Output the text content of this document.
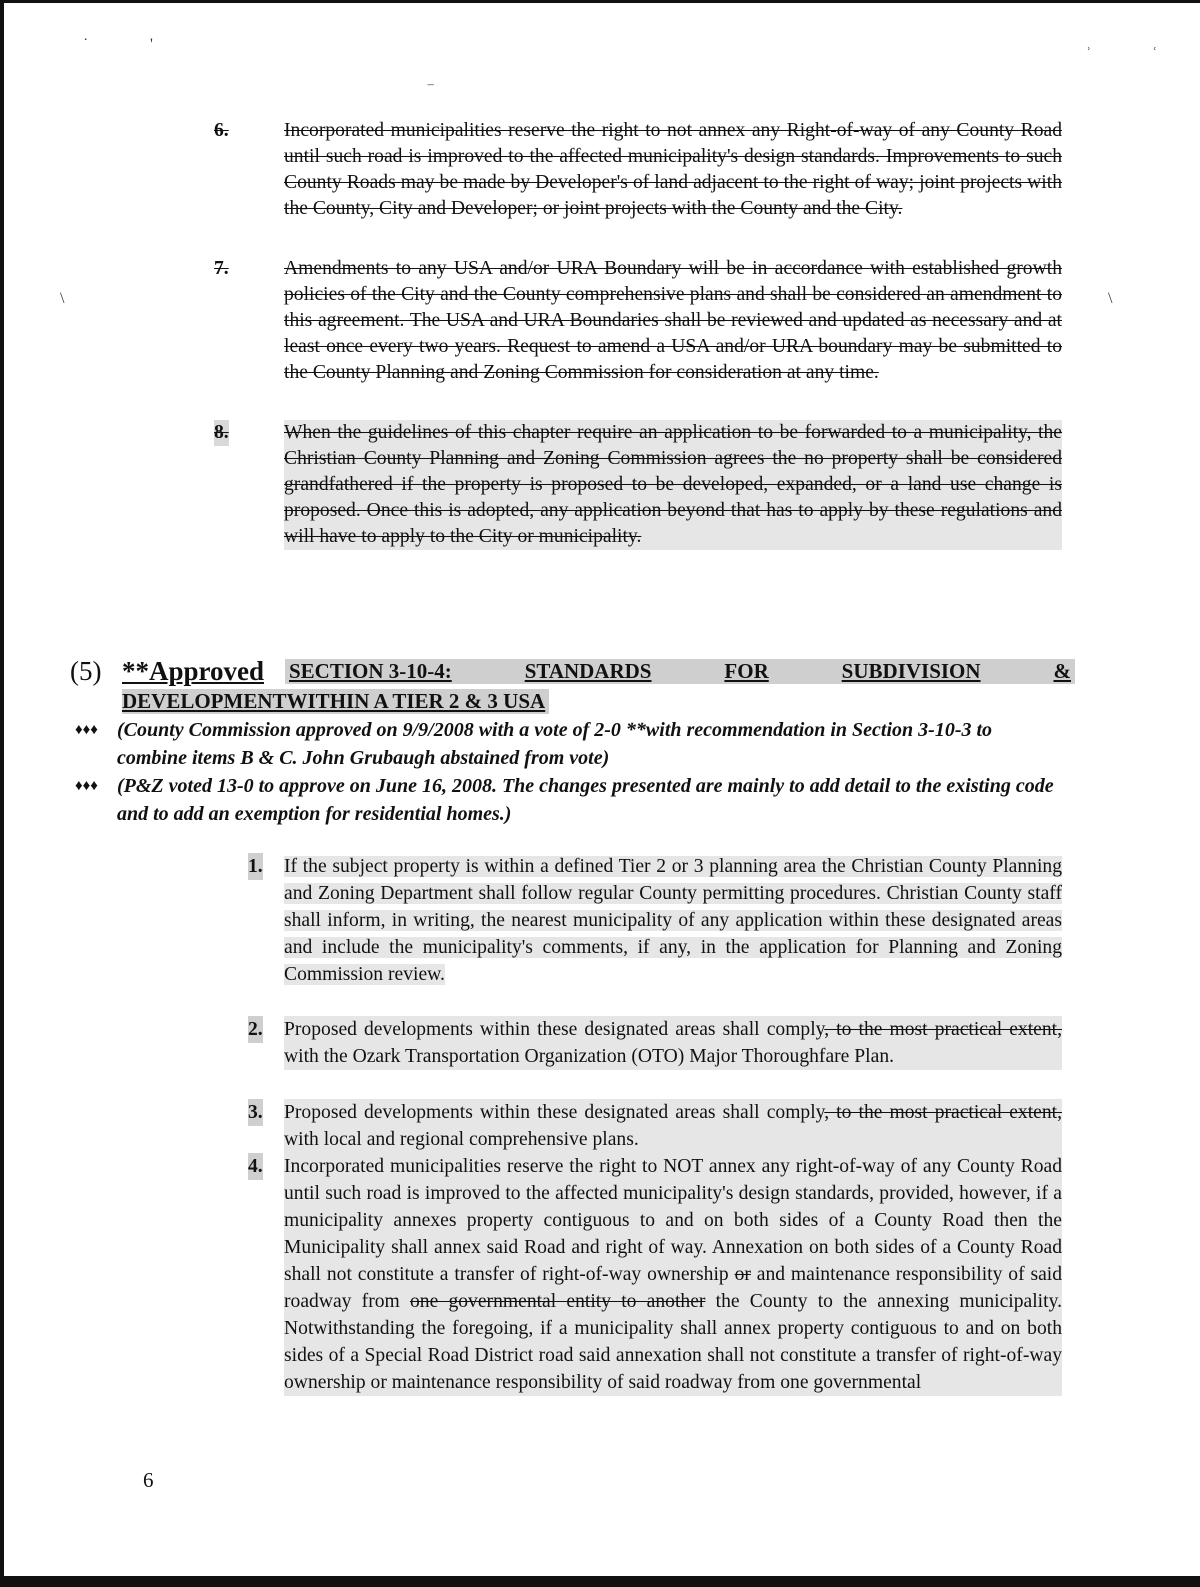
˙	'	˒	˓
‾
\	\
6.	Incorporated municipalities reserve the right to not annex any Right-of-way of any County Road until such road is improved to the affected municipality's design standards. Improvements to such County Roads may be made by Developer's of land adjacent to the right of way; joint projects with the County, City and Developer; or joint projects with the County and the City.
7.	Amendments to any USA and/or URA Boundary will be in accordance with established growth policies of the City and the County comprehensive plans and shall be considered an amendment to this agreement. The USA and URA Boundaries shall be reviewed and updated as necessary and at least once every two years. Request to amend a USA and/or URA boundary may be submitted to the County Planning and Zoning Commission for consideration at any time.
8.	When the guidelines of this chapter require an application to be forwarded to a municipality, the Christian County Planning and Zoning Commission agrees the no property shall be considered grandfathered if the property is proposed to be developed, expanded, or a land use change is proposed. Once this is adopted, any application beyond that has to apply by these regulations and will have to apply to the City or municipality.
(5) **Approved SECTION 3-10-4:	STANDARDS	FOR	SUBDIVISION	&
DEVELOPMENTWITHIN A TIER 2 & 3 USA
♦♦♦ (County Commission approved on 9/9/2008 with a vote of 2-0 **with recommendation in Section 3-10-3 to combine items B & C. John Grubaugh abstained from vote)
♦♦♦ (P&Z voted 13-0 to approve on June 16, 2008. The changes presented are mainly to add detail to the existing code and to add an exemption for residential homes.)
1. If the subject property is within a defined Tier 2 or 3 planning area the Christian County Planning and Zoning Department shall follow regular County permitting procedures. Christian County staff shall inform, in writing, the nearest municipality of any application within these designated areas and include the municipality's comments, if any, in the application for Planning and Zoning Commission review.
2. Proposed developments within these designated areas shall comply, to the most practical extent, with the Ozark Transportation Organization (OTO) Major Thoroughfare Plan.
3. Proposed developments within these designated areas shall comply, to the most practical extent, with local and regional comprehensive plans.
4. Incorporated municipalities reserve the right to NOT annex any right-of-way of any County Road until such road is improved to the affected municipality's design standards, provided, however, if a municipality annexes property contiguous to and on both sides of a County Road then the Municipality shall annex said Road and right of way. Annexation on both sides of a County Road shall not constitute a transfer of right-of-way ownership or and maintenance responsibility of said roadway from one governmental entity to another the County to the annexing municipality. Notwithstanding the foregoing, if a municipality shall annex property contiguous to and on both sides of a Special Road District road said annexation shall not constitute a transfer of right-of-way ownership or maintenance responsibility of said roadway from one governmental
6
